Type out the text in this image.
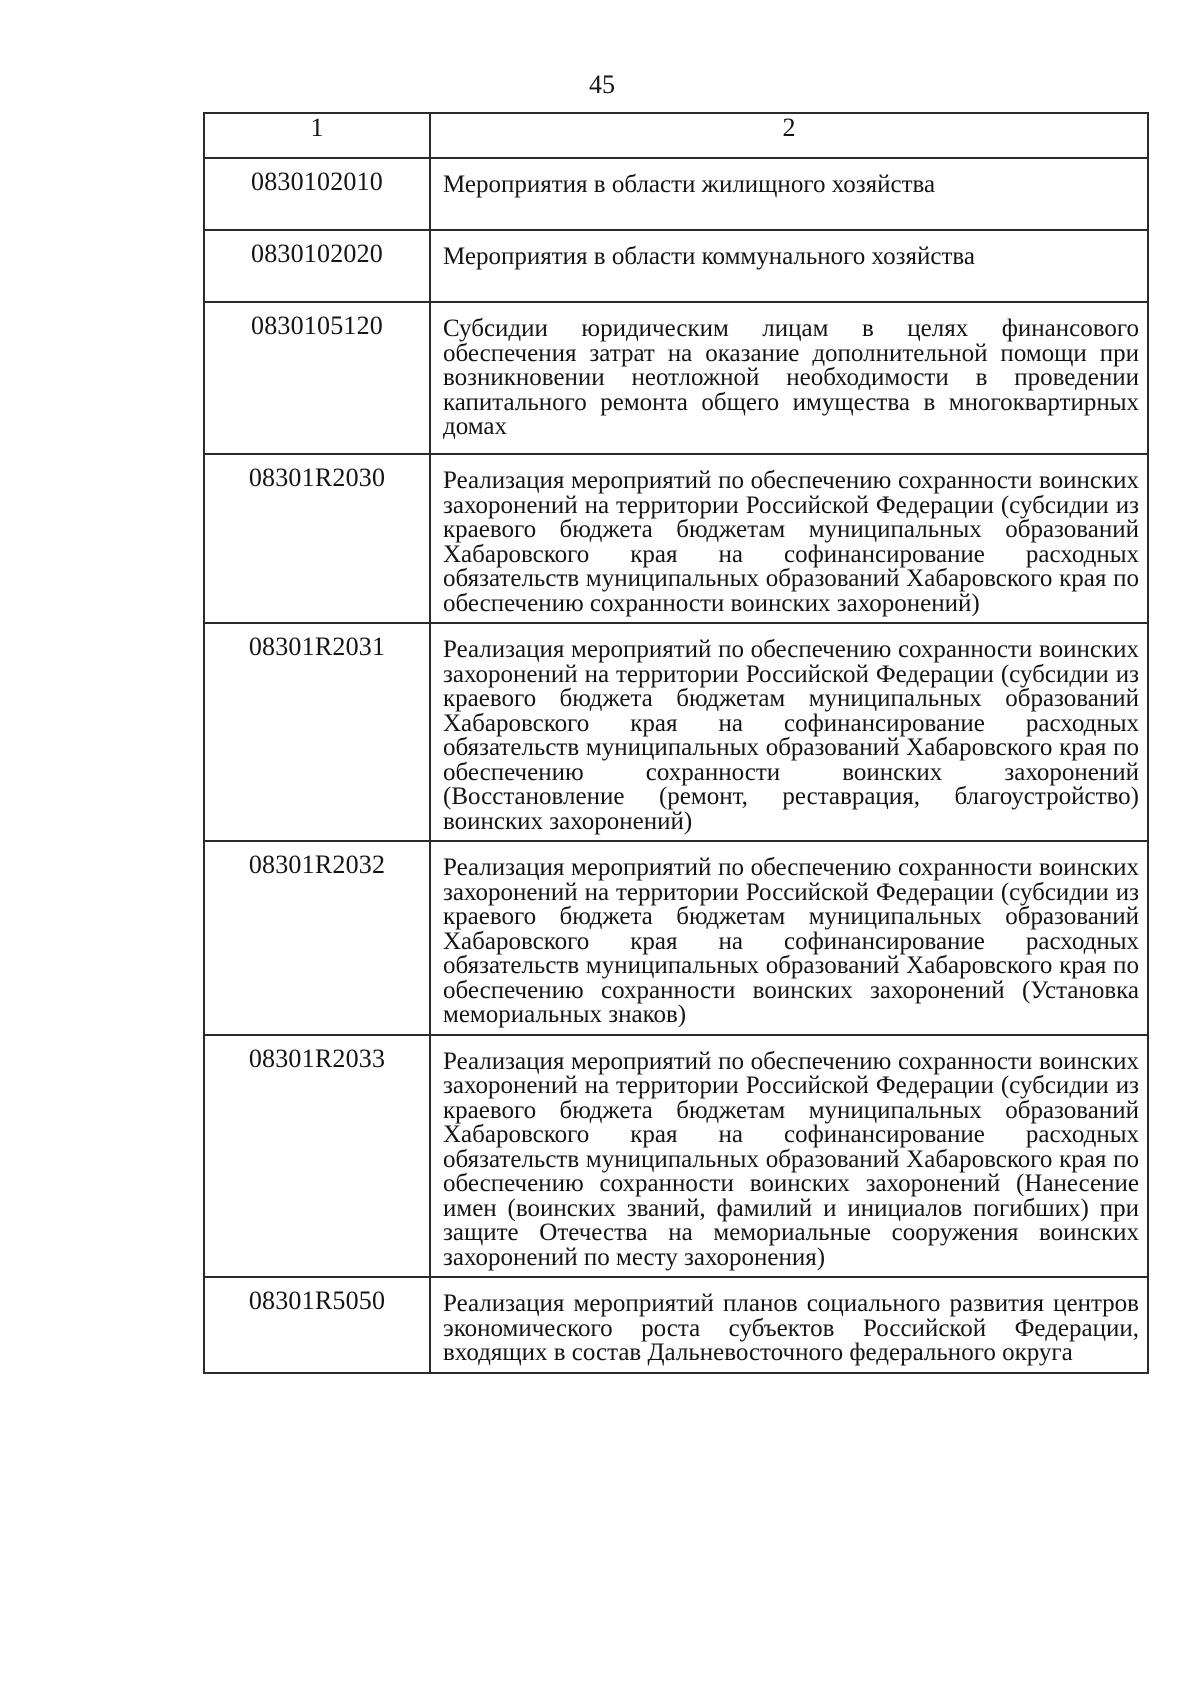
45
1	2
0830102010	Мероприятия в области жилищного хозяйства
0830102020	Мероприятия в области коммунального хозяйства
0830105120	Субсидии юридическим лицам в целях финансового обеспечения затрат на оказание дополнительной помощи при возникновении неотложной необходимости в проведении капитального ремонта общего имущества в многоквартирных домах
08301R2030	Реализация мероприятий по обеспечению сохранности воинских захоронений на территории Российской Федерации (субсидии из краевого бюджета бюджетам муниципальных образований Хабаровского края на софинансирование расходных обязательств муниципальных образований Хабаровского края по обеспечению сохранности воинских захоронений)
08301R2031	Реализация мероприятий по обеспечению сохранности воинских захоронений на территории Российской Федерации (субсидии из краевого бюджета бюджетам муниципальных образований Хабаровского края на софинансирование расходных обязательств муниципальных образований Хабаровского края по обеспечению сохранности воинских захоронений (Восстановление (ремонт, реставрация, благоустройство) воинских захоронений)
08301R2032	Реализация мероприятий по обеспечению сохранности воинских захоронений на территории Российской Федерации (субсидии из краевого бюджета бюджетам муниципальных образований Хабаровского края на софинансирование расходных обязательств муниципальных образований Хабаровского края по обеспечению сохранности воинских захоронений (Установка мемориальных знаков)
08301R2033	Реализация мероприятий по обеспечению сохранности воинских захоронений на территории Российской Федерации (субсидии из краевого бюджета бюджетам муниципальных образований Хабаровского края на софинансирование расходных обязательств муниципальных образований Хабаровского края по обеспечению сохранности воинских захоронений (Нанесение имен (воинских званий, фамилий и инициалов погибших) при защите Отечества на мемориальные сооружения воинских захоронений по месту захоронения)
08301R5050	Реализация мероприятий планов социального развития центров экономического роста субъектов Российской Федерации, входящих в состав Дальневосточного федерального округа
